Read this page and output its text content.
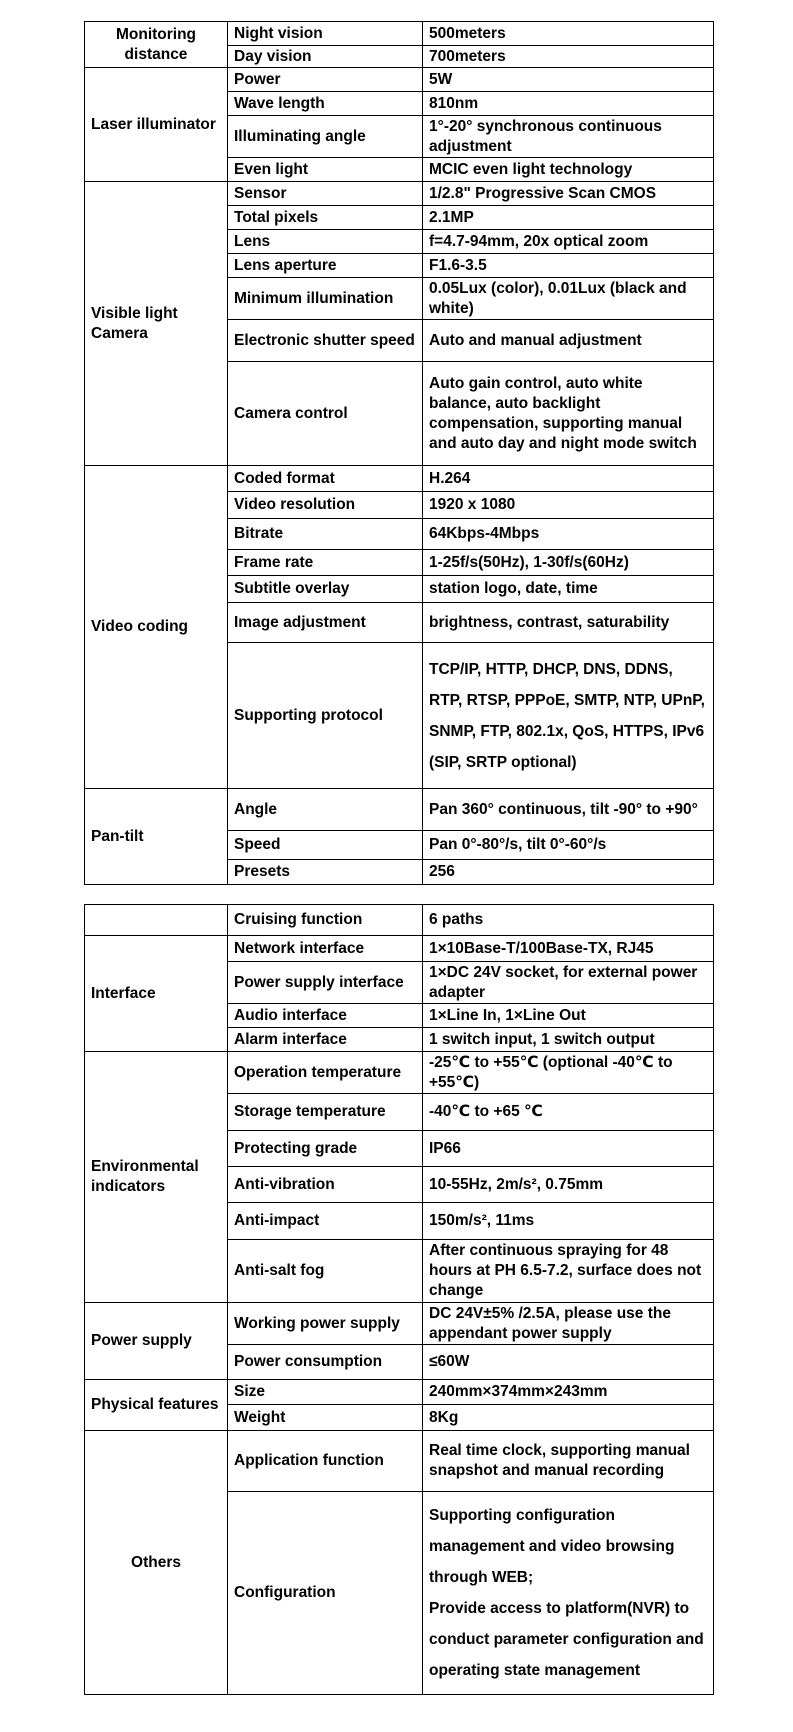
Monitoring distance	Night vision	500meters
	Day vision	700meters
Laser illuminator	Power	5W
	Wave length	810nm
	Illuminating angle	1°-20° synchronous continuous adjustment
	Even light	MCIC even light technology
Visible light Camera	Sensor	1/2.8" Progressive Scan CMOS
	Total pixels	2.1MP
	Lens	f=4.7-94mm, 20x optical zoom
	Lens aperture	F1.6-3.5
	Minimum illumination	0.05Lux (color), 0.01Lux (black and white)
	Electronic shutter speed	Auto and manual adjustment
	Camera control	Auto gain control, auto white balance, auto backlight compensation, supporting manual and auto day and night mode switch
Video coding	Coded format	H.264
	Video resolution	1920 x 1080
	Bitrate	64Kbps-4Mbps
	Frame rate	1-25f/s(50Hz), 1-30f/s(60Hz)
	Subtitle overlay	station logo, date, time
	Image adjustment	brightness, contrast, saturability
	Supporting protocol	TCP/IP, HTTP, DHCP, DNS, DDNS, RTP, RTSP, PPPoE, SMTP, NTP, UPnP, SNMP, FTP, 802.1x, QoS, HTTPS, IPv6 (SIP, SRTP optional)
Pan-tilt	Angle	Pan 360° continuous, tilt -90° to +90°
	Speed	Pan 0°-80°/s, tilt 0°-60°/s
	Presets	256
	Cruising function	6 paths
Interface	Network interface	1×10Base-T/100Base-TX, RJ45
	Power supply interface	1×DC 24V socket, for external power adapter
	Audio interface	1×Line In, 1×Line Out
	Alarm interface	1 switch input, 1 switch output
Environmental indicators	Operation temperature	-25℃ to +55℃ (optional -40℃ to +55℃)
	Storage temperature	-40℃ to +65 ℃
	Protecting grade	IP66
	Anti-vibration	10-55Hz, 2m/s², 0.75mm
	Anti-impact	150m/s², 11ms
	Anti-salt fog	After continuous spraying for 48 hours at PH 6.5-7.2, surface does not change
Power supply	Working power supply	DC 24V±5% /2.5A, please use the appendant power supply
	Power consumption	≤60W
Physical features	Size	240mm×374mm×243mm
	Weight	8Kg
Others	Application function	Real time clock, supporting manual snapshot and manual recording
	Configuration	Supporting configuration management and video browsing through WEB;
Provide access to platform(NVR) to conduct parameter configuration and operating state management
